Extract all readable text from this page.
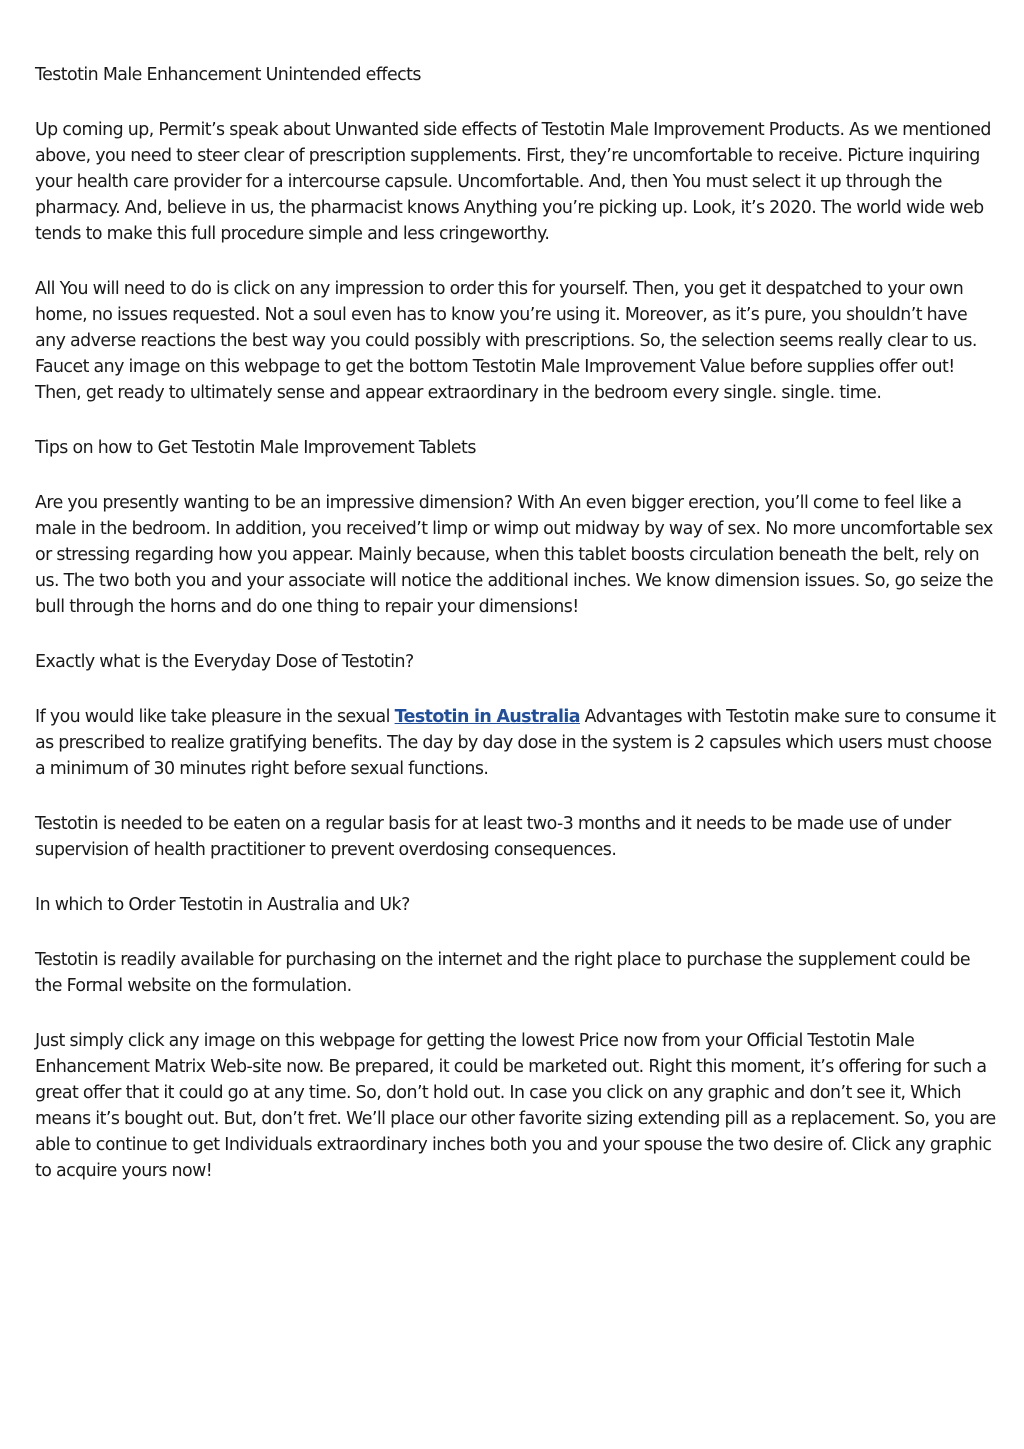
Testotin Male Enhancement Unintended effects

Up coming up, Permit’s speak about Unwanted side effects of Testotin Male Improvement Products. As we mentioned above, you need to steer clear of prescription supplements. First, they’re uncomfortable to receive. Picture inquiring your health care provider for a intercourse capsule. Uncomfortable. And, then You must select it up through the pharmacy. And, believe in us, the pharmacist knows Anything you’re picking up. Look, it’s 2020. The world wide web tends to make this full procedure simple and less cringeworthy.

All You will need to do is click on any impression to order this for yourself. Then, you get it despatched to your own home, no issues requested. Not a soul even has to know you’re using it. Moreover, as it’s pure, you shouldn’t have any adverse reactions the best way you could possibly with prescriptions. So, the selection seems really clear to us. Faucet any image on this webpage to get the bottom Testotin Male Improvement Value before supplies offer out! Then, get ready to ultimately sense and appear extraordinary in the bedroom every single. single. time.

Tips on how to Get Testotin Male Improvement Tablets

Are you presently wanting to be an impressive dimension? With An even bigger erection, you’ll come to feel like a male in the bedroom. In addition, you received’t limp or wimp out midway by way of sex. No more uncomfortable sex or stressing regarding how you appear. Mainly because, when this tablet boosts circulation beneath the belt, rely on us. The two both you and your associate will notice the additional inches. We know dimension issues. So, go seize the bull through the horns and do one thing to repair your dimensions!

Exactly what is the Everyday Dose of Testotin?

If you would like take pleasure in the sexual Testotin in Australia Advantages with Testotin make sure to consume it as prescribed to realize gratifying benefits. The day by day dose in the system is 2 capsules which users must choose a minimum of 30 minutes right before sexual functions.

Testotin is needed to be eaten on a regular basis for at least two-3 months and it needs to be made use of under supervision of health practitioner to prevent overdosing consequences.

In which to Order Testotin in Australia and Uk?

Testotin is readily available for purchasing on the internet and the right place to purchase the supplement could be the Formal website on the formulation.

Just simply click any image on this webpage for getting the lowest Price now from your Official Testotin Male Enhancement Matrix Web-site now. Be prepared, it could be marketed out. Right this moment, it’s offering for such a great offer that it could go at any time. So, don’t hold out. In case you click on any graphic and don’t see it, Which means it’s bought out. But, don’t fret. We’ll place our other favorite sizing extending pill as a replacement. So, you are able to continue to get Individuals extraordinary inches both you and your spouse the two desire of. Click any graphic to acquire yours now!
